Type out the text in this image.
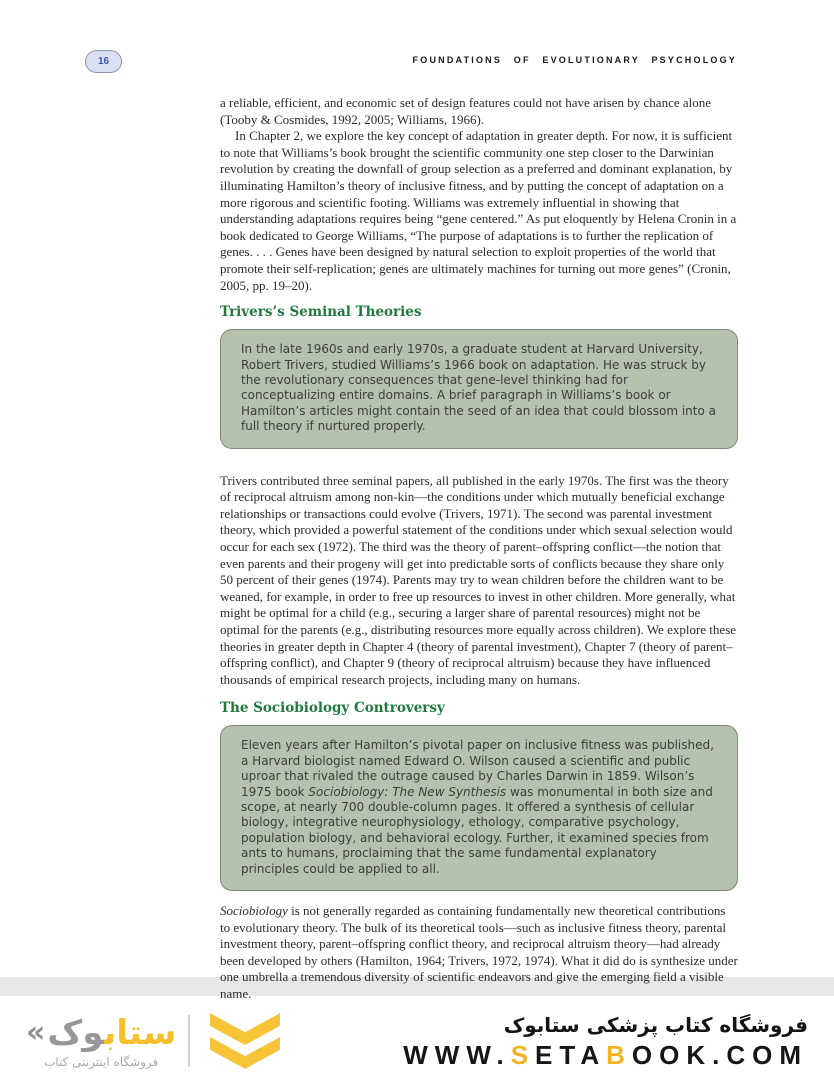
16	FOUNDATIONS OF EVOLUTIONARY PSYCHOLOGY

a reliable, efficient, and economic set of design features could not have arisen by chance alone (Tooby & Cosmides, 1992, 2005; Williams, 1966).

In Chapter 2, we explore the key concept of adaptation in greater depth. For now, it is sufficient to note that Williams’s book brought the scientific community one step closer to the Darwinian revolution by creating the downfall of group selection as a preferred and dominant explanation, by illuminating Hamilton’s theory of inclusive fitness, and by putting the concept of adaptation on a more rigorous and scientific footing. Williams was extremely influential in showing that understanding adaptations requires being “gene centered.” As put eloquently by Helena Cronin in a book dedicated to George Williams, “The purpose of adaptations is to further the replication of genes. . . . Genes have been designed by natural selection to exploit properties of the world that promote their self-replication; genes are ultimately machines for turning out more genes” (Cronin, 2005, pp. 19–20).

Trivers’s Seminal Theories
In the late 1960s and early 1970s, a graduate student at Harvard University, Robert Trivers, studied Williams’s 1966 book on adaptation. He was struck by the revolutionary consequences that gene-level thinking had for conceptualizing entire domains. A brief paragraph in Williams’s book or Hamilton’s articles might contain the seed of an idea that could blossom into a full theory if nurtured properly.

Trivers contributed three seminal papers, all published in the early 1970s. The first was the theory of reciprocal altruism among non-kin—the conditions under which mutually beneficial exchange relationships or transactions could evolve (Trivers, 1971). The second was parental investment theory, which provided a powerful statement of the conditions under which sexual selection would occur for each sex (1972). The third was the theory of parent–offspring conflict—the notion that even parents and their progeny will get into predictable sorts of conflicts because they share only 50 percent of their genes (1974). Parents may try to wean children before the children want to be weaned, for example, in order to free up resources to invest in other children. More generally, what might be optimal for a child (e.g., securing a larger share of parental resources) might not be optimal for the parents (e.g., distributing resources more equally across children). We explore these theories in greater depth in Chapter 4 (theory of parental investment), Chapter 7 (theory of parent–offspring conflict), and Chapter 9 (theory of reciprocal altruism) because they have influenced thousands of empirical research projects, including many on humans.

The Sociobiology Controversy
Eleven years after Hamilton’s pivotal paper on inclusive fitness was published, a Harvard biologist named Edward O. Wilson caused a scientific and public uproar that rivaled the outrage caused by Charles Darwin in 1859. Wilson’s 1975 book Sociobiology: The New Synthesis was monumental in both size and scope, at nearly 700 double-column pages. It offered a synthesis of cellular biology, integrative neurophysiology, ethology, comparative psychology, population biology, and behavioral ecology. Further, it examined species from ants to humans, proclaiming that the same fundamental explanatory principles could be applied to all.

Sociobiology is not generally regarded as containing fundamentally new theoretical contributions to evolutionary theory. The bulk of its theoretical tools—such as inclusive fitness theory, parental investment theory, parent–offspring conflict theory, and reciprocal altruism theory—had already been developed by others (Hamilton, 1964; Trivers, 1972, 1974). What it did do is synthesize under one umbrella a tremendous diversity of scientific endeavors and give the emerging field a visible name.

« ستابوک
فروشگاه اینترنتی کتاب
فروشگاه کتاب پزشکی ستابوک
WWW.SETABOOK.COM
